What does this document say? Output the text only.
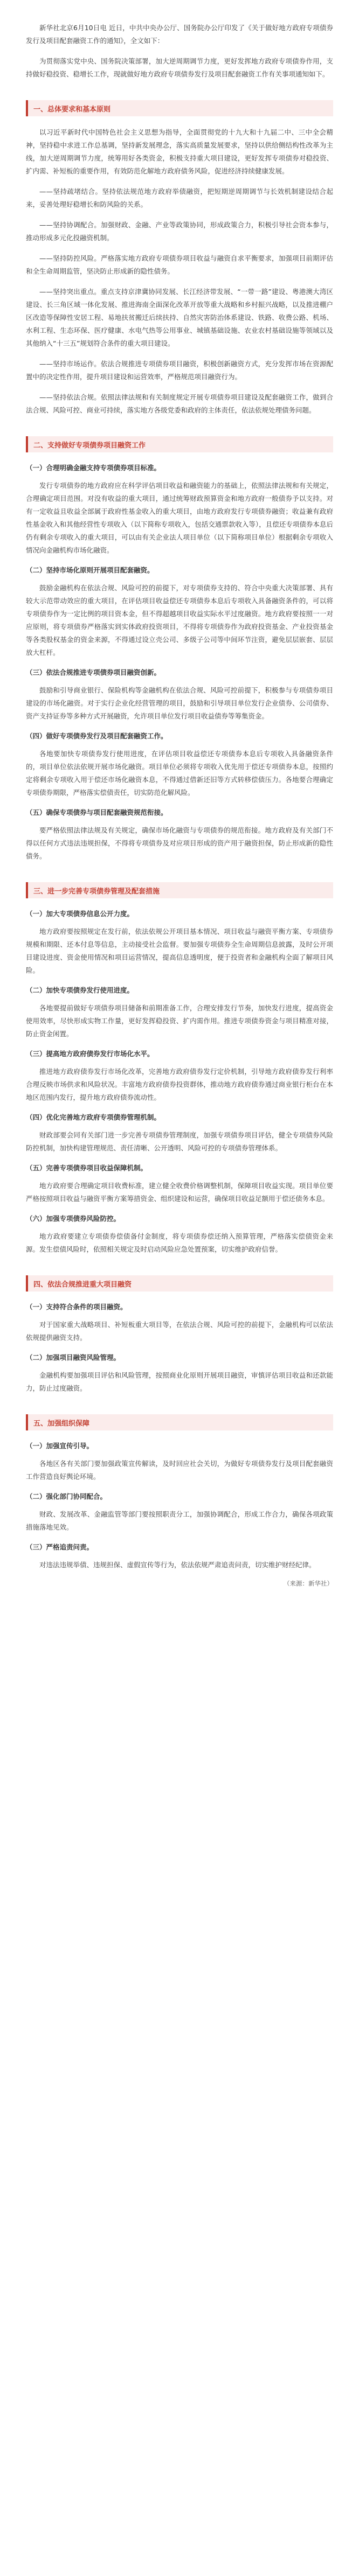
新华社北京6月10日电 近日，中共中央办公厅、国务院办公厅印发了《关于做好地方政府专项债券发行及项目配套融资工作的通知》，全文如下：

为贯彻落实党中央、国务院决策部署，加大逆周期调节力度，更好发挥地方政府专项债券作用，支持做好稳投资、稳增长工作，现就做好地方政府专项债券发行及项目配套融资工作有关事项通知如下。

一、总体要求和基本原则

以习近平新时代中国特色社会主义思想为指导，全面贯彻党的十九大和十九届二中、三中全会精神，坚持稳中求进工作总基调，坚持新发展理念，落实高质量发展要求，坚持以供给侧结构性改革为主线，加大逆周期调节力度，统筹用好各类资金，积极支持重大项目建设，更好发挥专项债券对稳投资、扩内需、补短板的重要作用，有效防范化解地方政府债务风险，促进经济持续健康发展。

——坚持疏堵结合。坚持依法规范地方政府举债融资，把短期逆周期调节与长效机制建设结合起来，妥善处理好稳增长和防风险的关系。

——坚持协调配合。加强财政、金融、产业等政策协同，形成政策合力，积极引导社会资本参与，推动形成多元化投融资机制。

——坚持防控风险。严格落实地方政府专项债券项目收益与融资自求平衡要求，加强项目前期评估和全生命周期监管，坚决防止形成新的隐性债务。

——坚持突出重点。重点支持京津冀协同发展、长江经济带发展、“一带一路”建设、粤港澳大湾区建设、长三角区域一体化发展、推进海南全面深化改革开放等重大战略和乡村振兴战略，以及推进棚户区改造等保障性安居工程、易地扶贫搬迁后续扶持、自然灾害防治体系建设、铁路、收费公路、机场、水利工程、生态环保、医疗健康、水电气热等公用事业、城镇基础设施、农业农村基础设施等领域以及其他纳入“十三五”规划符合条件的重大项目建设。

——坚持市场运作。依法合规推进专项债券项目融资，积极创新融资方式，充分发挥市场在资源配置中的决定性作用，提升项目建设和运营效率，严格规范项目融资行为。

——坚持依法合规。依照法律法规和有关制度规定开展专项债券项目建设及配套融资工作，做到合法合规、风险可控、商业可持续，落实地方各级党委和政府的主体责任，依法依规处理债务问题。

二、支持做好专项债券项目融资工作
（一）合理明确金融支持专项债券项目标准。

发行专项债券的地方政府应在科学评估项目收益和融资能力的基础上，依照法律法规和有关规定，合理确定项目范围。对没有收益的重大项目，通过统筹财政预算资金和地方政府一般债券予以支持。对有一定收益且收益全部属于政府性基金收入的重大项目，由地方政府发行专项债券融资；收益兼有政府性基金收入和其他经营性专项收入（以下简称专项收入，包括交通票款收入等），且偿还专项债券本息后仍有剩余专项收入的重大项目，可以由有关企业法人项目单位（以下简称项目单位）根据剩余专项收入情况向金融机构市场化融资。

（二）坚持市场化原则开展项目配套融资。

鼓励金融机构在依法合规、风险可控的前提下，对专项债券支持的、符合中央重大决策部署、具有较大示范带动效应的重大项目，在评估项目收益偿还专项债券本息后专项收入具备融资条件的，可以将专项债券作为一定比例的项目资本金，但不得超越项目收益实际水平过度融资。地方政府要按照一一对应原则，将专项债券严格落实到实体政府投资项目，不得将专项债券作为政府投资基金、产业投资基金等各类股权基金的资金来源，不得通过设立壳公司、多级子公司等中间环节注资，避免层层嵌套、层层放大杠杆。

（三）依法合规推进专项债券项目融资创新。

鼓励和引导商业银行、保险机构等金融机构在依法合规、风险可控前提下，积极参与专项债券项目建设的市场化融资。对于实行企业化经营管理的项目，鼓励和引导项目单位发行企业债券、公司债券、资产支持证券等多种方式开展融资，允许项目单位发行项目收益债券等筹集资金。

（四）做好专项债券发行及项目配套融资工作。

各地要加快专项债券发行使用进度，在评估项目收益偿还专项债券本息后专项收入具备融资条件的，项目单位依法依规开展市场化融资。项目单位必须将专项收入优先用于偿还专项债券本息，按照约定将剩余专项收入用于偿还市场化融资本息，不得通过借新还旧等方式转移偿债压力。各地要合理确定专项债券期限，严格落实偿债责任，切实防范化解风险。

（五）确保专项债券与项目配套融资规范衔接。

要严格依照法律法规及有关规定，确保市场化融资与专项债券的规范衔接。地方政府及有关部门不得以任何方式违法违规担保，不得将专项债券及对应项目形成的资产用于融资担保，防止形成新的隐性债务。

三、进一步完善专项债券管理及配套措施
（一）加大专项债券信息公开力度。

地方政府要按照规定在发行前，依法依规公开项目基本情况、项目收益与融资平衡方案、专项债券规模和期限、还本付息等信息，主动接受社会监督。要加强专项债券全生命周期信息披露，及时公开项目建设进度、资金使用情况和项目运营情况，提高信息透明度，便于投资者和金融机构全面了解项目风险。

（二）加快专项债券发行使用进度。

各地要提前做好专项债券项目储备和前期准备工作，合理安排发行节奏，加快发行进度，提高资金使用效率，尽快形成实物工作量，更好发挥稳投资、扩内需作用。推进专项债券资金与项目精准对接，防止资金闲置。

（三）提高地方政府债券发行市场化水平。

推进地方政府债券发行市场化改革，完善地方政府债券发行定价机制，引导地方政府债券发行利率合理反映市场供求和风险状况。丰富地方政府债券投资群体，推动地方政府债券通过商业银行柜台在本地区范围内发行，提升地方政府债券流动性。

（四）优化完善地方政府专项债券管理机制。

财政部要会同有关部门进一步完善专项债券管理制度，加强专项债券项目评估，健全专项债券风险防控机制，加快构建管理规范、责任清晰、公开透明、风险可控的专项债券管理体系。

（五）完善专项债券项目收益保障机制。

地方政府要合理确定项目收费标准，建立健全收费价格调整机制，保障项目收益实现。项目单位要严格按照项目收益与融资平衡方案筹措资金、组织建设和运营，确保项目收益足额用于偿还债务本息。

（六）加强专项债券风险防控。

地方政府要建立专项债券偿债备付金制度，将专项债券偿还纳入预算管理，严格落实偿债资金来源。发生偿债风险时，依照相关规定及时启动风险应急处置预案，切实维护政府信誉。

四、依法合规推进重大项目融资
（一）支持符合条件的项目融资。

对于国家重大战略项目、补短板重大项目等，在依法合规、风险可控的前提下，金融机构可以依法依规提供融资支持。

（二）加强项目融资风险管理。

金融机构要加强项目评估和风险管理，按照商业化原则开展项目融资，审慎评估项目收益和还款能力，防止过度融资。

五、加强组织保障
（一）加强宣传引导。

各地区各有关部门要加强政策宣传解读，及时回应社会关切，为做好专项债券发行及项目配套融资工作营造良好舆论环境。

（二）强化部门协同配合。

财政、发展改革、金融监管等部门要按照职责分工，加强协调配合，形成工作合力，确保各项政策措施落地见效。

（三）严格追责问责。

对违法违规举债、违规担保、虚假宣传等行为，依法依规严肃追责问责，切实维护财经纪律。

（来源：新华社）
